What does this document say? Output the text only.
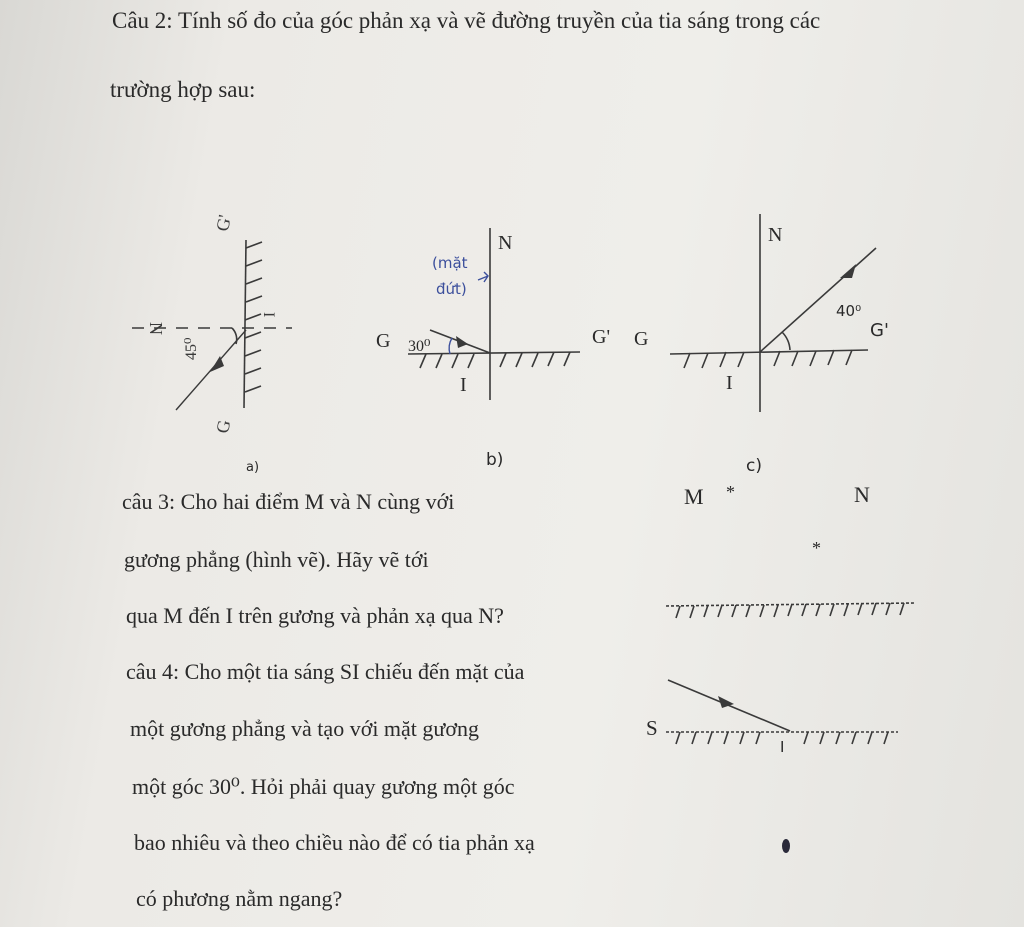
Câu 2: Tính số đo của góc phản xạ và vẽ đường truyền của tia sáng trong các
trường hợp sau:
N
45⁰
G'
G
I
(mặt
đứt)
N
G 30⁰	G'
I
N
G
40⁰
G'
I
a)	b)	c)
câu 3: Cho hai điểm M và N cùng với
gương phẳng (hình vẽ). Hãy vẽ tới
qua M đến I trên gương và phản xạ qua N?
M *	N
*
câu 4: Cho một tia sáng SI chiếu đến mặt của
một gương phẳng và tạo với mặt gương
một góc 30⁰. Hỏi phải quay gương một góc
bao nhiêu và theo chiều nào để có tia phản xạ
có phương nằm ngang?
S
I
